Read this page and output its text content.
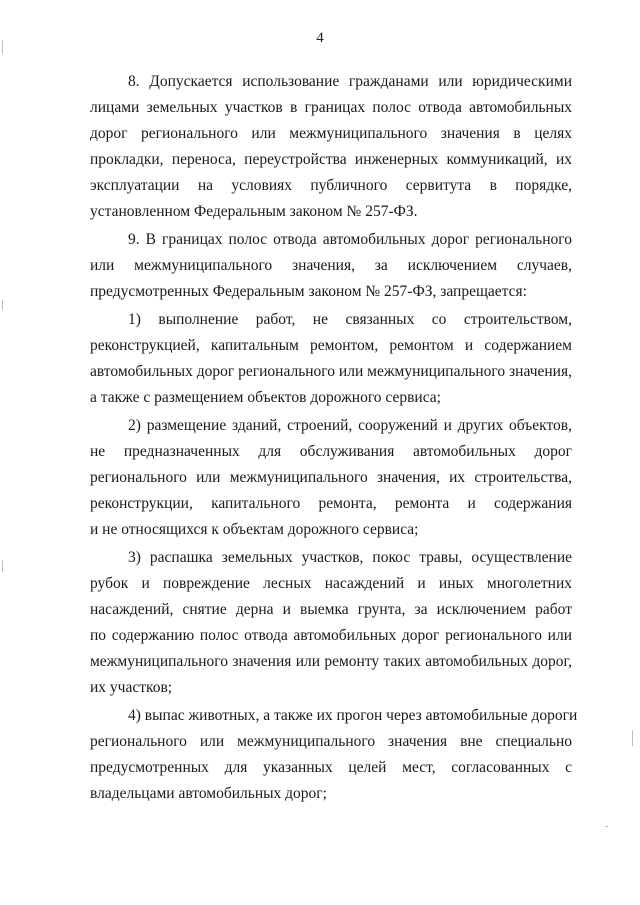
4
8. Допускается использование гражданами или юридическими
лицами земельных участков в границах полос отвода автомобильных
дорог регионального или межмуниципального значения в целях
прокладки, переноса, переустройства инженерных коммуникаций, их
эксплуатации на условиях публичного сервитута в порядке,
установленном Федеральным законом № 257-ФЗ.
9. В границах полос отвода автомобильных дорог регионального
или межмуниципального значения, за исключением случаев,
предусмотренных Федеральным законом № 257-ФЗ, запрещается:
1) выполнение работ, не связанных со строительством,
реконструкцией, капитальным ремонтом, ремонтом и содержанием
автомобильных дорог регионального или межмуниципального значения,
а также с размещением объектов дорожного сервиса;
2) размещение зданий, строений, сооружений и других объектов,
не предназначенных для обслуживания автомобильных дорог
регионального или межмуниципального значения, их строительства,
реконструкции, капитального ремонта, ремонта и содержания
и не относящихся к объектам дорожного сервиса;
3) распашка земельных участков, покос травы, осуществление
рубок и повреждение лесных насаждений и иных многолетних
насаждений, снятие дерна и выемка грунта, за исключением работ
по содержанию полос отвода автомобильных дорог регионального или
межмуниципального значения или ремонту таких автомобильных дорог,
их участков;
4) выпас животных, а также их прогон через автомобильные дороги
регионального или межмуниципального значения вне специально
предусмотренных для указанных целей мест, согласованных с
владельцами автомобильных дорог;
